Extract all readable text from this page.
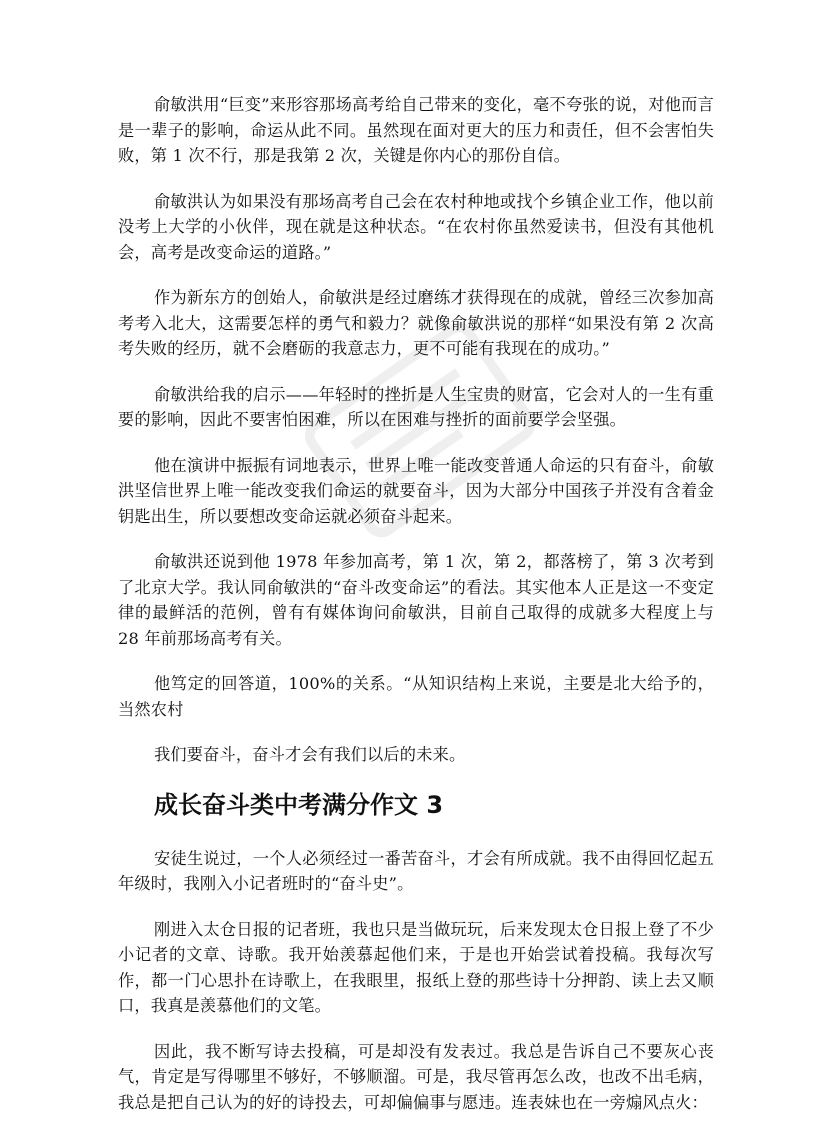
俞敏洪用“巨变”来形容那场高考给自己带来的变化，毫不夸张的说，对他而言是一辈子的影响，命运从此不同。虽然现在面对更大的压力和责任，但不会害怕失败，第 1 次不行，那是我第 2 次，关键是你内心的那份自信。

俞敏洪认为如果没有那场高考自己会在农村种地或找个乡镇企业工作，他以前没考上大学的小伙伴，现在就是这种状态。“在农村你虽然爱读书，但没有其他机会，高考是改变命运的道路。”

作为新东方的创始人，俞敏洪是经过磨练才获得现在的成就，曾经三次参加高考考入北大，这需要怎样的勇气和毅力？就像俞敏洪说的那样“如果没有第 2 次高考失败的经历，就不会磨砺的我意志力，更不可能有我现在的成功。”

俞敏洪给我的启示——年轻时的挫折是人生宝贵的财富，它会对人的一生有重要的影响，因此不要害怕困难，所以在困难与挫折的面前要学会坚强。

他在演讲中振振有词地表示，世界上唯一能改变普通人命运的只有奋斗，俞敏洪坚信世界上唯一能改变我们命运的就要奋斗，因为大部分中国孩子并没有含着金钥匙出生，所以要想改变命运就必须奋斗起来。

俞敏洪还说到他 1978 年参加高考，第 1 次，第 2，都落榜了，第 3 次考到了北京大学。我认同俞敏洪的“奋斗改变命运”的看法。其实他本人正是这一不变定律的最鲜活的范例，曾有有媒体询问俞敏洪，目前自己取得的成就多大程度上与 28 年前那场高考有关。

他笃定的回答道，100%的关系。“从知识结构上来说，主要是北大给予的，当然农村

我们要奋斗，奋斗才会有我们以后的未来。

成长奋斗类中考满分作文 3

安徒生说过，一个人必须经过一番苦奋斗，才会有所成就。我不由得回忆起五年级时，我刚入小记者班时的“奋斗史”。

刚进入太仓日报的记者班，我也只是当做玩玩，后来发现太仓日报上登了不少小记者的文章、诗歌。我开始羡慕起他们来，于是也开始尝试着投稿。我每次写作，都一门心思扑在诗歌上，在我眼里，报纸上登的那些诗十分押韵、读上去又顺口，我真是羡慕他们的文笔。

因此，我不断写诗去投稿，可是却没有发表过。我总是告诉自己不要灰心丧气，肯定是写得哪里不够好，不够顺溜。可是，我尽管再怎么改，也改不出毛病，我总是把自己认为的好的诗投去，可却偏偏事与愿违。连表妹也在一旁煽风点火：
